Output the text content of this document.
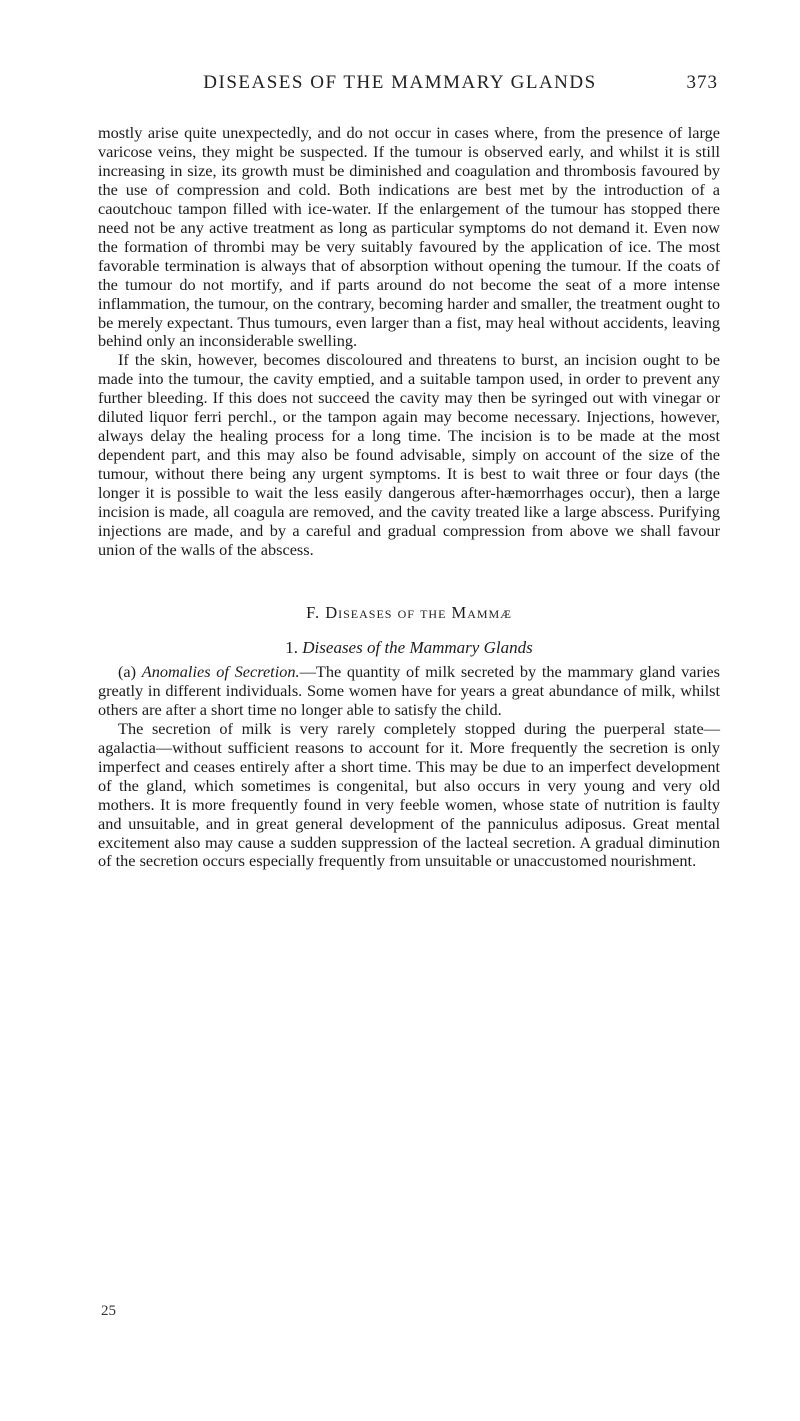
DISEASES OF THE MAMMARY GLANDS	373

mostly arise quite unexpectedly, and do not occur in cases where, from the presence of large varicose veins, they might be suspected. If the tumour is observed early, and whilst it is still increasing in size, its growth must be diminished and coagulation and thrombosis favoured by the use of compression and cold. Both indications are best met by the introduction of a caoutchouc tampon filled with ice-water. If the enlargement of the tumour has stopped there need not be any active treatment as long as particular symptoms do not demand it. Even now the formation of thrombi may be very suitably favoured by the application of ice. The most favorable termination is always that of absorption without opening the tumour. If the coats of the tumour do not mortify, and if parts around do not become the seat of a more intense inflammation, the tumour, on the contrary, becoming harder and smaller, the treatment ought to be merely expectant. Thus tumours, even larger than a fist, may heal without accidents, leaving behind only an inconsiderable swelling.

If the skin, however, becomes discoloured and threatens to burst, an incision ought to be made into the tumour, the cavity emptied, and a suitable tampon used, in order to prevent any further bleeding. If this does not succeed the cavity may then be syringed out with vinegar or diluted liquor ferri perchl., or the tampon again may become necessary. Injections, however, always delay the healing process for a long time. The incision is to be made at the most dependent part, and this may also be found advisable, simply on account of the size of the tumour, without there being any urgent symptoms. It is best to wait three or four days (the longer it is possible to wait the less easily dangerous after-hæmorrhages occur), then a large incision is made, all coagula are removed, and the cavity treated like a large abscess. Purifying injections are made, and by a careful and gradual compression from above we shall favour union of the walls of the abscess.

F. Diseases of the Mammæ
1. Diseases of the Mammary Glands

(a) Anomalies of Secretion.—The quantity of milk secreted by the mammary gland varies greatly in different individuals. Some women have for years a great abundance of milk, whilst others are after a short time no longer able to satisfy the child.

The secretion of milk is very rarely completely stopped during the puerperal state—agalactia—without sufficient reasons to account for it. More frequently the secretion is only imperfect and ceases entirely after a short time. This may be due to an imperfect development of the gland, which sometimes is congenital, but also occurs in very young and very old mothers. It is more frequently found in very feeble women, whose state of nutrition is faulty and unsuitable, and in great general development of the panniculus adiposus. Great mental excitement also may cause a sudden suppression of the lacteal secretion. A gradual diminution of the secretion occurs especially frequently from unsuitable or unaccustomed nourishment.

25
